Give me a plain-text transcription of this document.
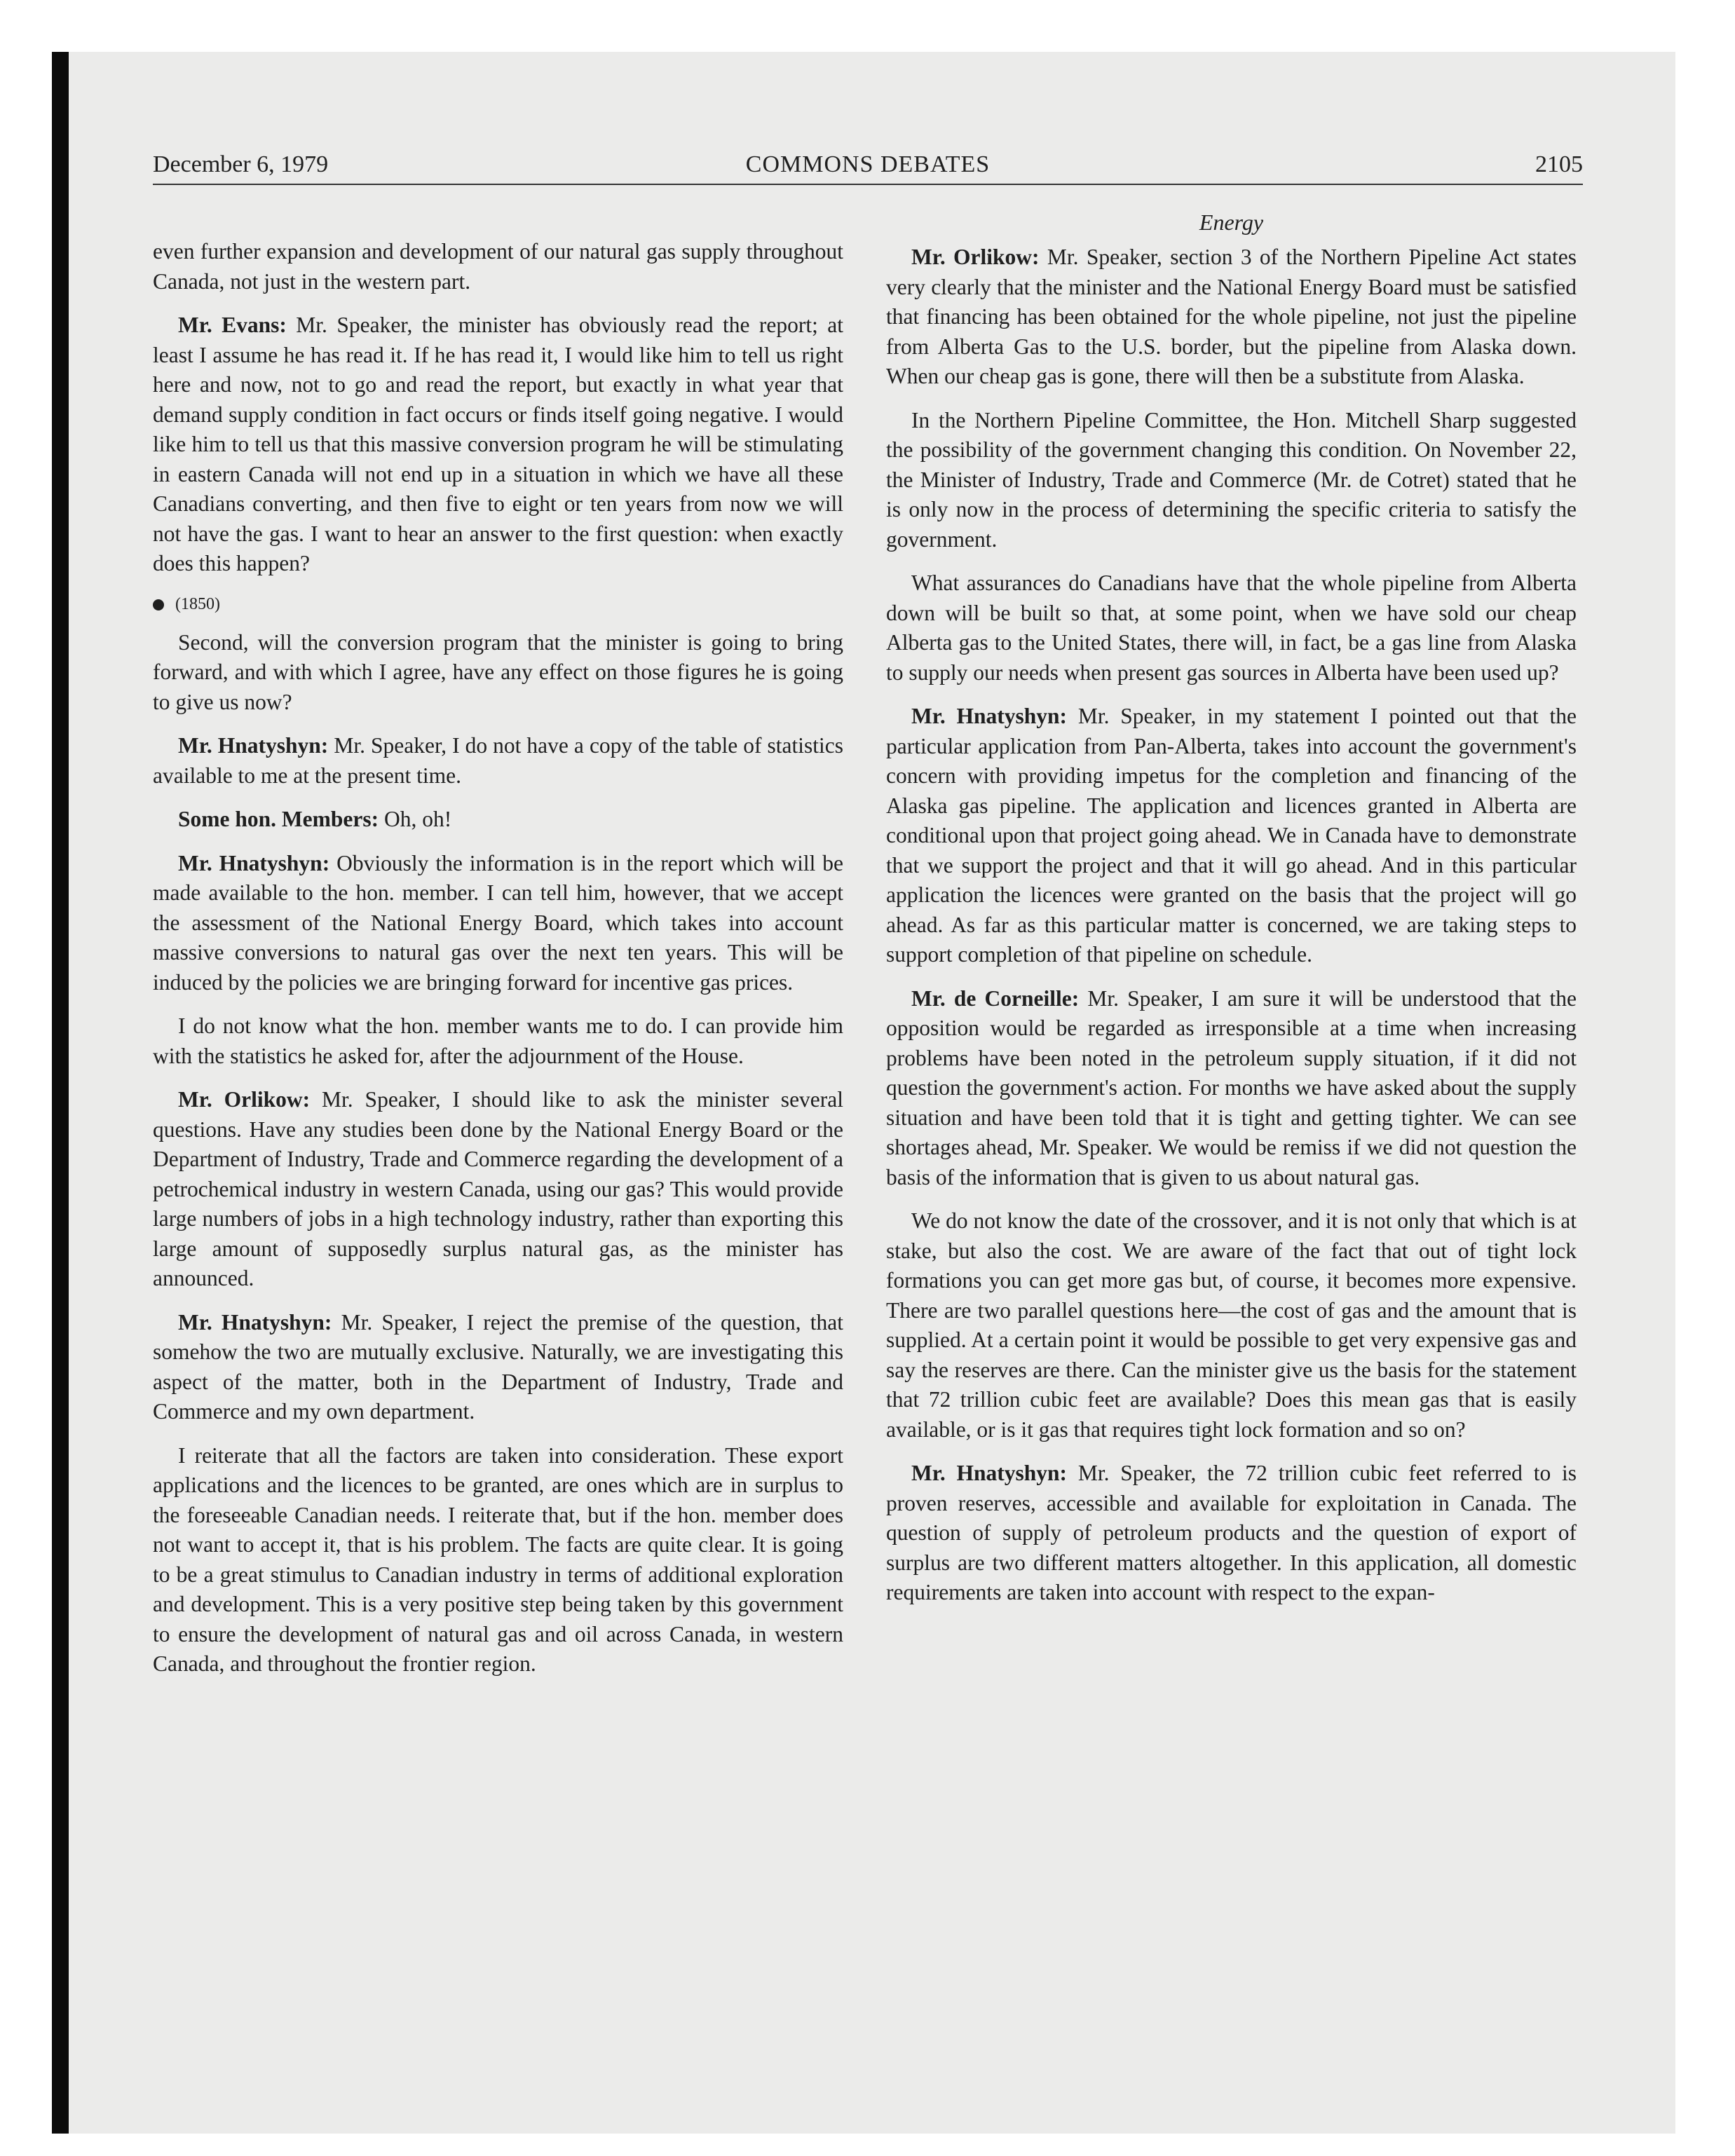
December 6, 1979	COMMONS DEBATES	2105

even further expansion and development of our natural gas supply throughout Canada, not just in the western part.

Mr. Evans: Mr. Speaker, the minister has obviously read the report; at least I assume he has read it. If he has read it, I would like him to tell us right here and now, not to go and read the report, but exactly in what year that demand supply condition in fact occurs or finds itself going negative. I would like him to tell us that this massive conversion program he will be stimulating in eastern Canada will not end up in a situation in which we have all these Canadians converting, and then five to eight or ten years from now we will not have the gas. I want to hear an answer to the first question: when exactly does this happen?

(1850)

Second, will the conversion program that the minister is going to bring forward, and with which I agree, have any effect on those figures he is going to give us now?

Mr. Hnatyshyn: Mr. Speaker, I do not have a copy of the table of statistics available to me at the present time.

Some hon. Members: Oh, oh!

Mr. Hnatyshyn: Obviously the information is in the report which will be made available to the hon. member. I can tell him, however, that we accept the assessment of the National Energy Board, which takes into account massive conversions to natural gas over the next ten years. This will be induced by the policies we are bringing forward for incentive gas prices.

I do not know what the hon. member wants me to do. I can provide him with the statistics he asked for, after the adjournment of the House.

Mr. Orlikow: Mr. Speaker, I should like to ask the minister several questions. Have any studies been done by the National Energy Board or the Department of Industry, Trade and Commerce regarding the development of a petrochemical industry in western Canada, using our gas? This would provide large numbers of jobs in a high technology industry, rather than exporting this large amount of supposedly surplus natural gas, as the minister has announced.

Mr. Hnatyshyn: Mr. Speaker, I reject the premise of the question, that somehow the two are mutually exclusive. Naturally, we are investigating this aspect of the matter, both in the Department of Industry, Trade and Commerce and my own department.

I reiterate that all the factors are taken into consideration. These export applications and the licences to be granted, are ones which are in surplus to the foreseeable Canadian needs. I reiterate that, but if the hon. member does not want to accept it, that is his problem. The facts are quite clear. It is going to be a great stimulus to Canadian industry in terms of additional exploration and development. This is a very positive step being taken by this government to ensure the development of natural gas and oil across Canada, in western Canada, and throughout the frontier region.

Energy

Mr. Orlikow: Mr. Speaker, section 3 of the Northern Pipeline Act states very clearly that the minister and the National Energy Board must be satisfied that financing has been obtained for the whole pipeline, not just the pipeline from Alberta Gas to the U.S. border, but the pipeline from Alaska down. When our cheap gas is gone, there will then be a substitute from Alaska.

In the Northern Pipeline Committee, the Hon. Mitchell Sharp suggested the possibility of the government changing this condition. On November 22, the Minister of Industry, Trade and Commerce (Mr. de Cotret) stated that he is only now in the process of determining the specific criteria to satisfy the government.

What assurances do Canadians have that the whole pipeline from Alberta down will be built so that, at some point, when we have sold our cheap Alberta gas to the United States, there will, in fact, be a gas line from Alaska to supply our needs when present gas sources in Alberta have been used up?

Mr. Hnatyshyn: Mr. Speaker, in my statement I pointed out that the particular application from Pan-Alberta, takes into account the government's concern with providing impetus for the completion and financing of the Alaska gas pipeline. The application and licences granted in Alberta are conditional upon that project going ahead. We in Canada have to demonstrate that we support the project and that it will go ahead. And in this particular application the licences were granted on the basis that the project will go ahead. As far as this particular matter is concerned, we are taking steps to support completion of that pipeline on schedule.

Mr. de Corneille: Mr. Speaker, I am sure it will be understood that the opposition would be regarded as irresponsible at a time when increasing problems have been noted in the petroleum supply situation, if it did not question the government's action. For months we have asked about the supply situation and have been told that it is tight and getting tighter. We can see shortages ahead, Mr. Speaker. We would be remiss if we did not question the basis of the information that is given to us about natural gas.

We do not know the date of the crossover, and it is not only that which is at stake, but also the cost. We are aware of the fact that out of tight lock formations you can get more gas but, of course, it becomes more expensive. There are two parallel questions here—the cost of gas and the amount that is supplied. At a certain point it would be possible to get very expensive gas and say the reserves are there. Can the minister give us the basis for the statement that 72 trillion cubic feet are available? Does this mean gas that is easily available, or is it gas that requires tight lock formation and so on?

Mr. Hnatyshyn: Mr. Speaker, the 72 trillion cubic feet referred to is proven reserves, accessible and available for exploitation in Canada. The question of supply of petroleum products and the question of export of surplus are two different matters altogether. In this application, all domestic requirements are taken into account with respect to the expan-
